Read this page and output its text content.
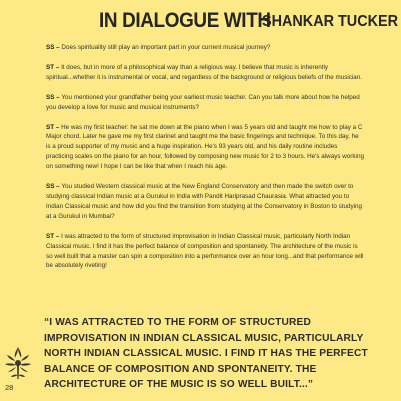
IN DIALOGUE WITH
SHANKAR TUCKER

SS – Does spirituality still play an important part in your current musical journey?

ST – It does, but in more of a philosophical way than a religious way. I believe that music is inherently spiritual...whether it is instrumental or vocal, and regardless of the background or religious beliefs of the musician.

SS – You mentioned your grandfather being your earliest music teacher. Can you talk more about how he helped you develop a love for music and musical instruments?

ST – He was my first teacher: he sat me down at the piano when I was 5 years old and taught me how to play a C Major chord. Later he gave me my first clarinet and taught me the basic fingerings and technique. To this day, he is a proud supporter of my music and a huge inspiration. He's 93 years old, and his daily routine includes practicing scales on the piano for an hour, followed by composing new music for 2 to 3 hours. He's always working on something new! I hope I can be like that when I reach his age.

SS – You studied Western classical music at the New England Conservatory and then made the switch over to studying classical Indian music at a Gurukul in India with Pandit Hariprasad Chaurasia. What attracted you to Indian Classical music and how did you find the transition from studying at the Conservatory in Boston to studying at a Gurukul in Mumbai?

ST – I was attracted to the form of structured improvisation in Indian Classical music, particularly North Indian Classical music. I find it has the perfect balance of composition and spontaneity. The architecture of the music is so well built that a master can spin a composition into a performance over an hour long...and that performance will be absolutely riveting!

“I WAS ATTRACTED TO THE FORM OF STRUCTURED IMPROVISATION IN INDIAN CLASSICAL MUSIC, PARTICULARLY NORTH INDIAN CLASSICAL MUSIC. I FIND IT HAS THE PERFECT BALANCE OF COMPOSITION AND SPONTANEITY. THE ARCHITECTURE OF THE MUSIC IS SO WELL BUILT...”
28
